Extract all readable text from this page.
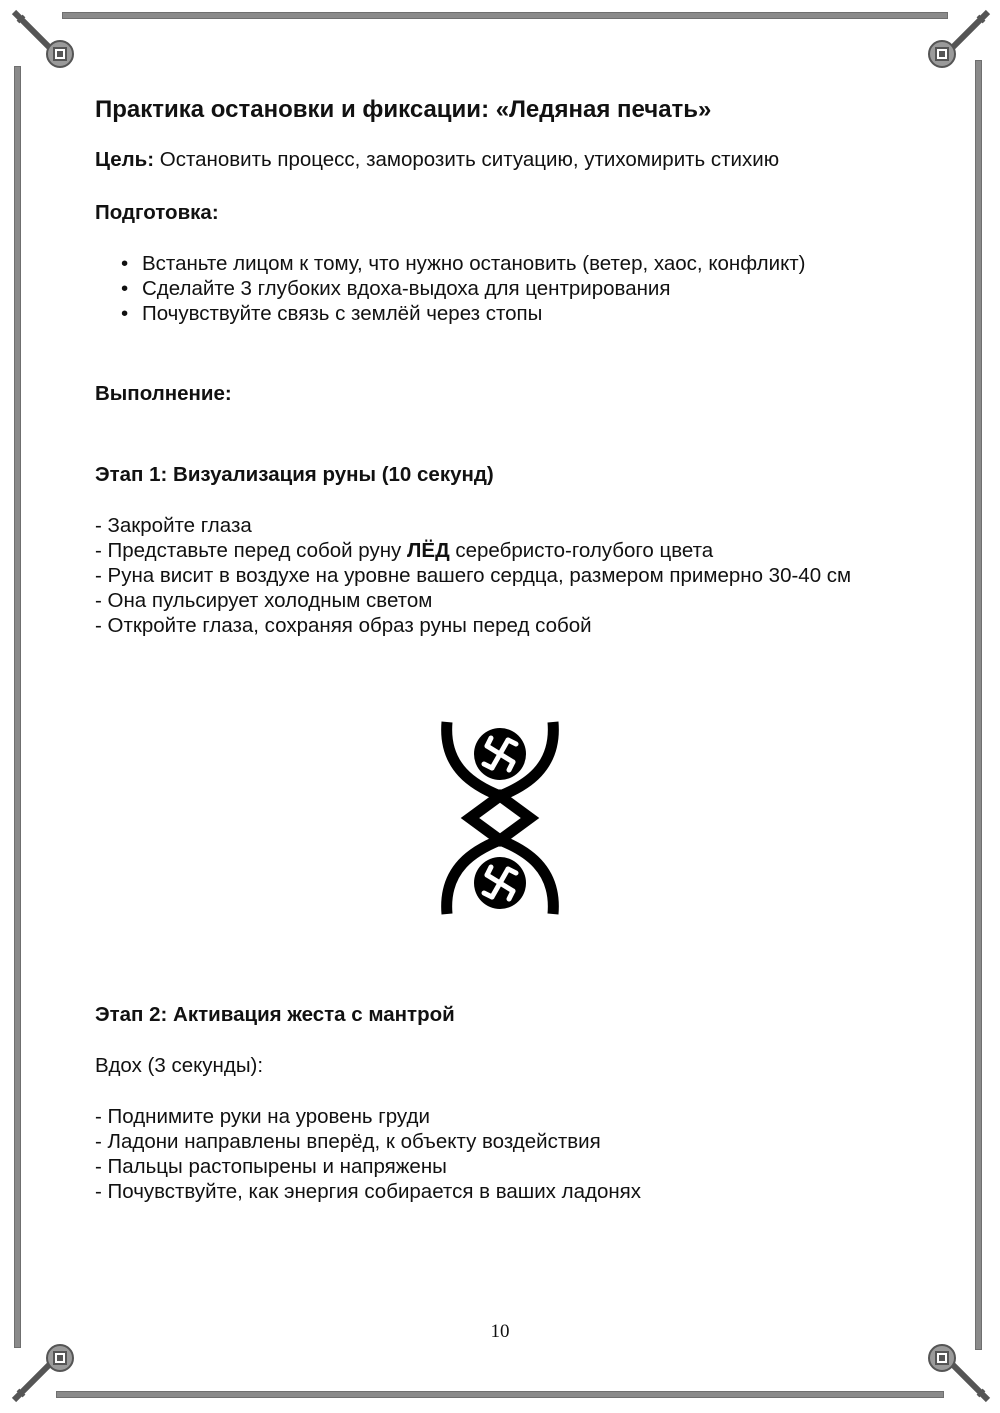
Практика остановки и фиксации: «Ледяная печать»
Цель: Остановить процесс, заморозить ситуацию, утихомирить стихию
Подготовка:
• Встаньте лицом к тому, что нужно остановить (ветер, хаос, конфликт)
• Сделайте 3 глубоких вдоха-выдоха для центрирования
• Почувствуйте связь с землёй через стопы
Выполнение:
Этап 1: Визуализация руны (10 секунд)
- Закройте глаза
- Представьте перед собой руну ЛЁД серебристо-голубого цвета
- Руна висит в воздухе на уровне вашего сердца, размером примерно 30-40 см
- Она пульсирует холодным светом
- Откройте глаза, сохраняя образ руны перед собой
Этап 2: Активация жеста с мантрой
Вдох (3 секунды):
- Поднимите руки на уровень груди
- Ладони направлены вперёд, к объекту воздействия
- Пальцы растопырены и напряжены
- Почувствуйте, как энергия собирается в ваших ладонях
10
